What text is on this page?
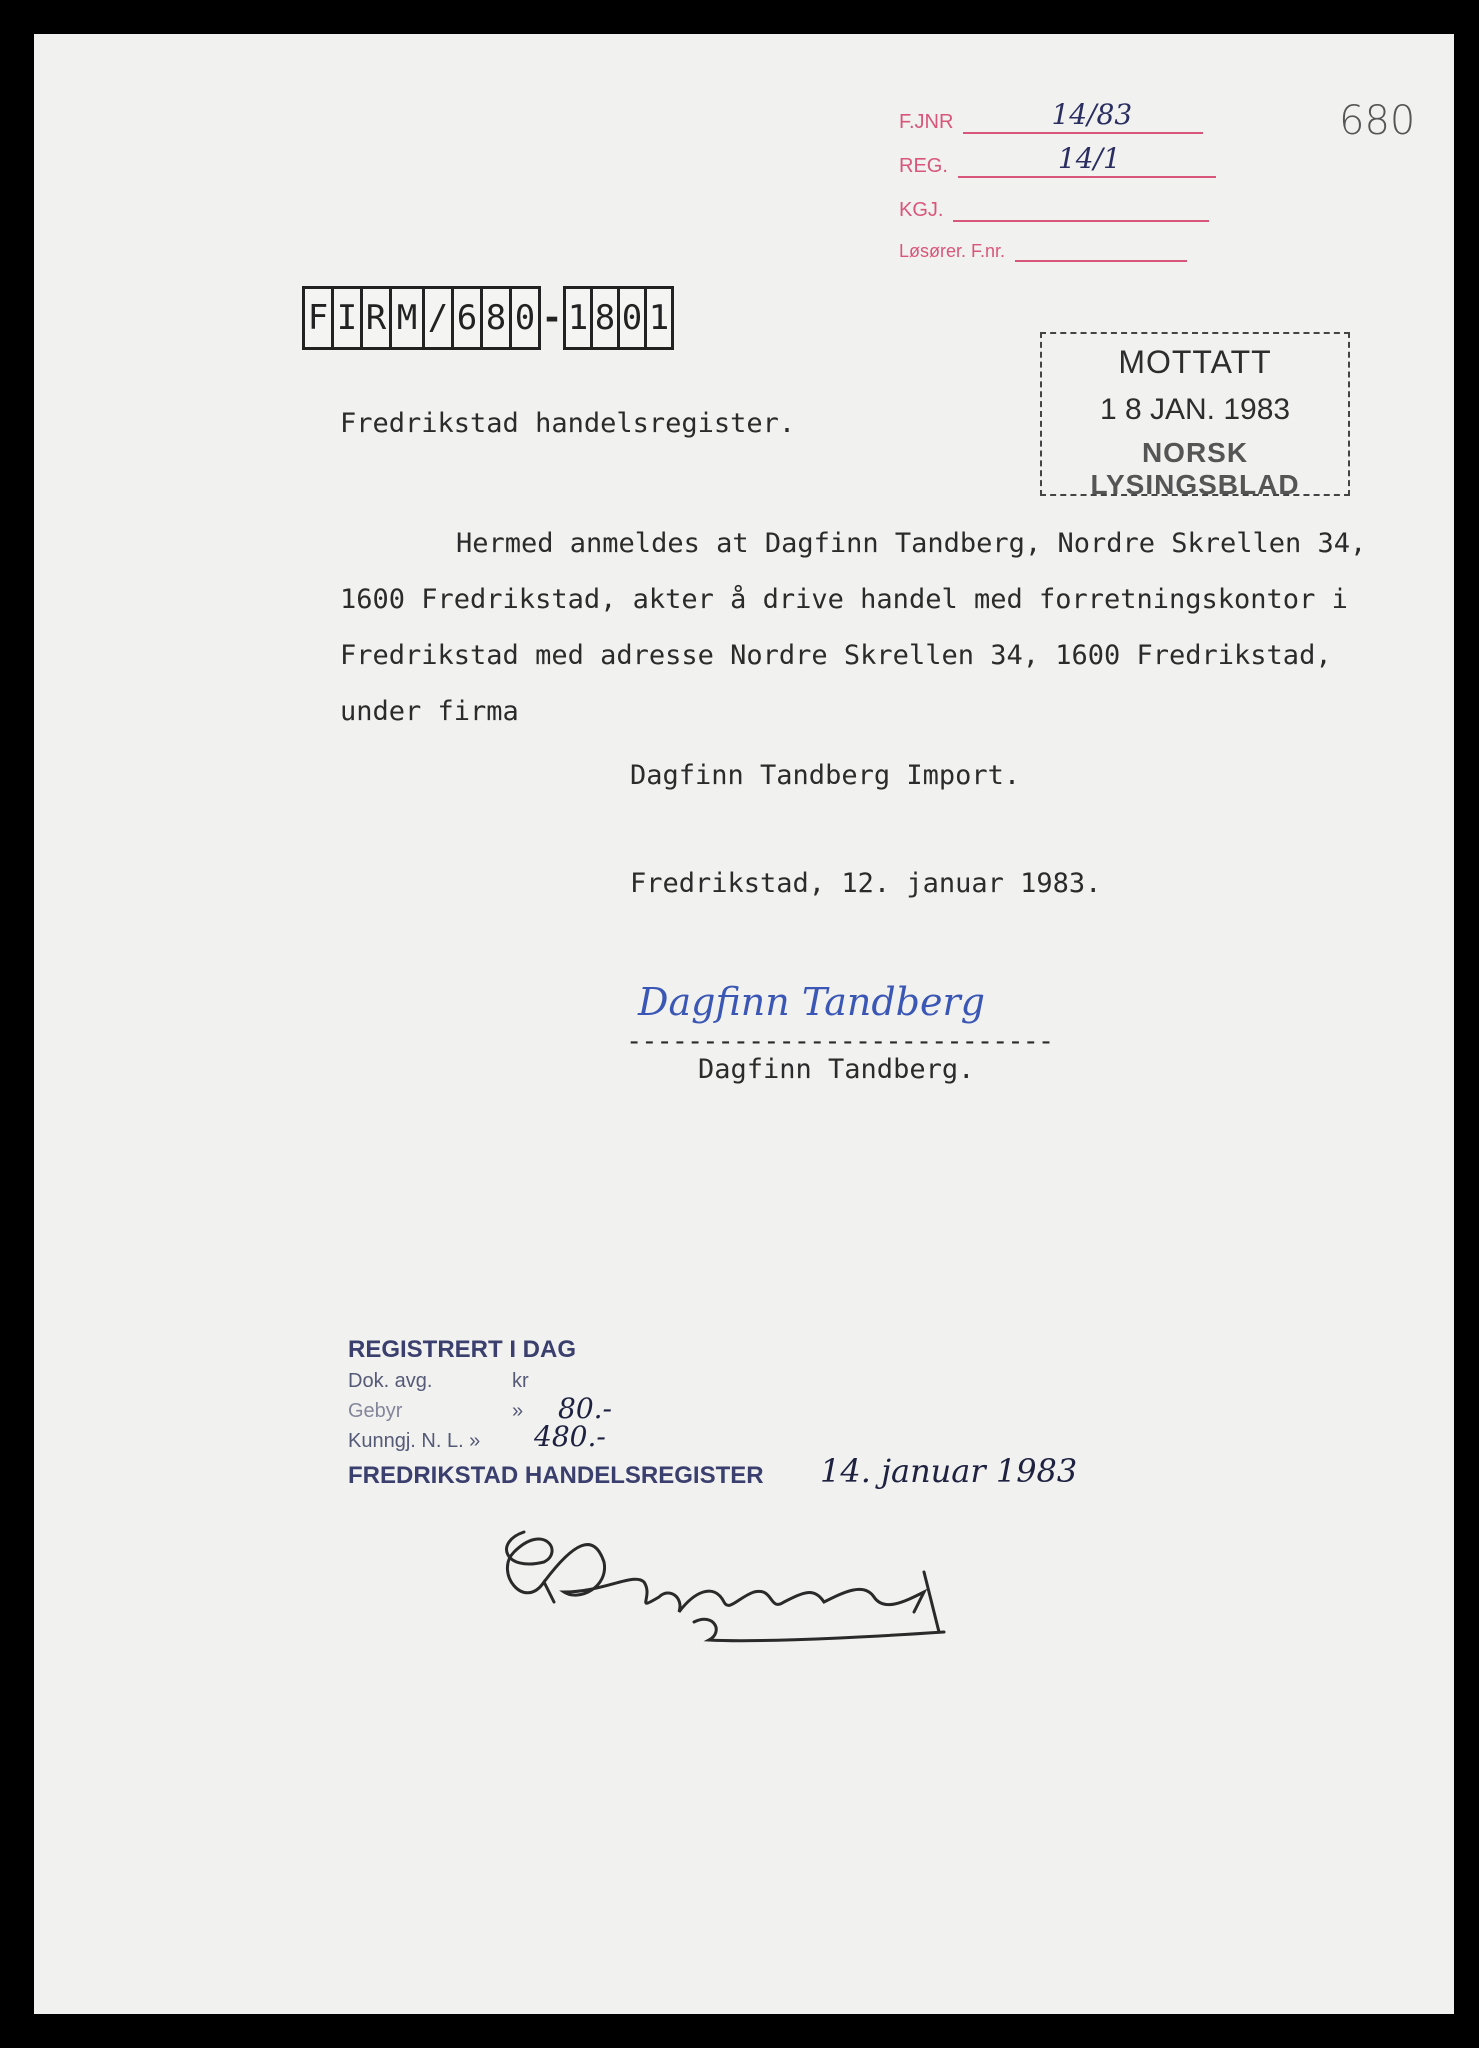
F.JNR	14/83
REG.	14/1
KGJ.
Løsører. F.nr.
680
F I R M / 6 8 0 - 1 8 0 1
MOTTATT
1 8 JAN. 1983
NORSK LYSINGSBLAD
Fredrikstad handelsregister.
Hermed anmeldes at Dagfinn Tandberg, Nordre Skrellen 34,
1600 Fredrikstad, akter å drive handel med forretningskontor i
Fredrikstad med adresse Nordre Skrellen 34, 1600 Fredrikstad,
under firma
Dagfinn Tandberg Import.
Fredrikstad, 12. januar 1983.
Dagfinn Tandberg
----------------------------
Dagfinn Tandberg.
REGISTRERT I DAG
Dok. avg.	kr
Gebyr	» 80.-
Kunngj. N. L. » 480.-
FREDRIKSTAD HANDELSREGISTER 14. januar 1983
